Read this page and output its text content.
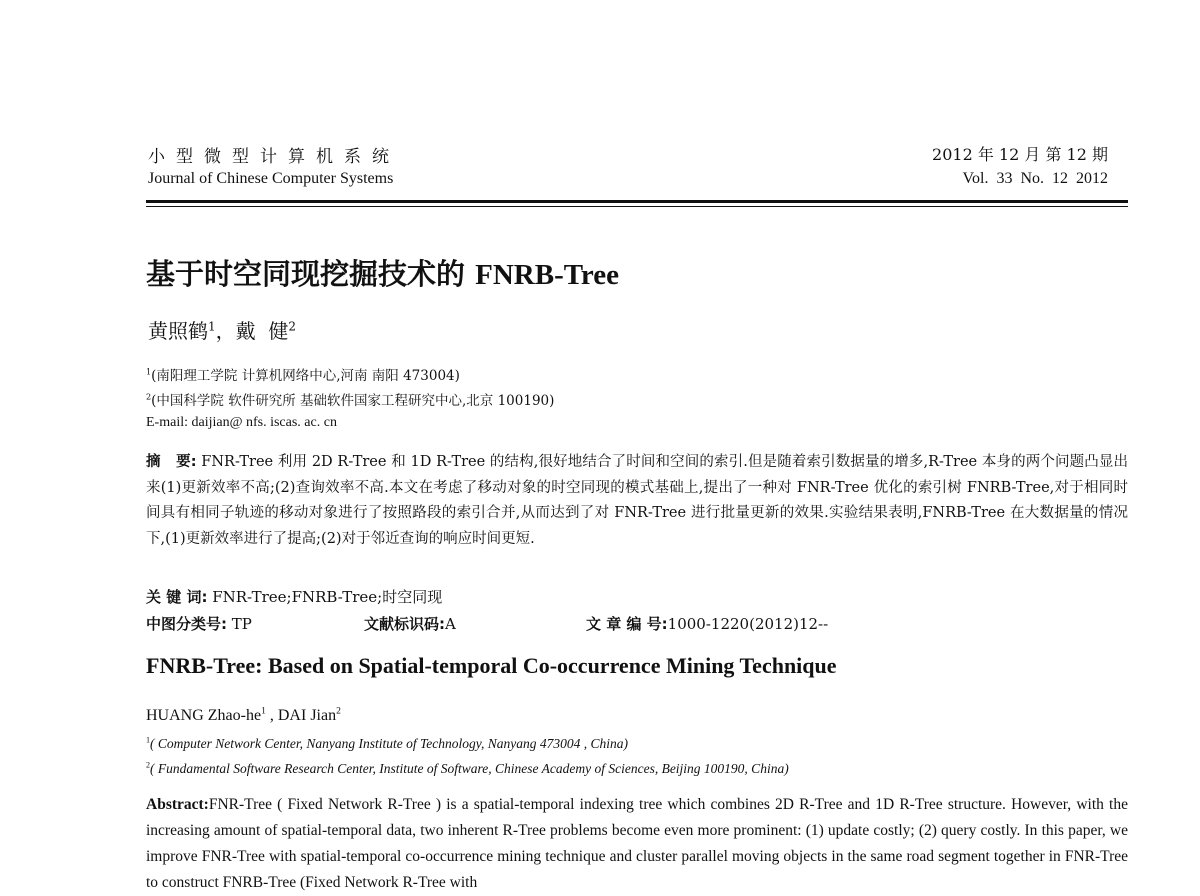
小型微型计算机系统
Journal of Chinese Computer Systems
2012 年 12 月 第 12 期
Vol. 33 No. 12 2012
基于时空同现挖掘技术的 FNRB-Tree
黄照鹤$^1$，戴  健$^2$
$^1$(南阳理工学院 计算机网络中心,河南 南阳 473004)
$^2$(中国科学院 软件研究所 基础软件国家工程研究中心,北京 100190)
E-mail: daijian@ nfs. iscas. ac. cn
摘   要: FNR-Tree 利用 2D R-Tree 和 1D R-Tree 的结构,很好地结合了时间和空间的索引.但是随着索引数据量的增多,R-Tree 本身的两个问题凸显出来(1)更新效率不高;(2)查询效率不高.本文在考虑了移动对象的时空同现的模式基础上,提出了一种对 FNR-Tree 优化的索引树 FNRB-Tree,对于相同时间具有相同子轨迹的移动对象进行了按照路段的索引合并,从而达到了对 FNR-Tree 进行批量更新的效果.实验结果表明,FNRB-Tree 在大数据量的情况下,(1)更新效率进行了提高;(2)对于邻近查询的响应时间更短.
关 键 词: FNR-Tree;FNRB-Tree;时空同现
中图分类号: TP	文献标识码:A	文 章 编 号:1000-1220(2012)12--
FNRB-Tree: Based on Spatial-temporal Co-occurrence Mining Technique
HUANG Zhao-$he^1$ , DAI Jian$^2$
$^1$( Computer Network Center, Nanyang Institute of Technology, Nanyang 473004 , China)
$^2$( Fundamental Software Research Center, Institute of Software, Chinese Academy of Sciences, Beijing 100190, China)
Abstract:FNR-Tree ( Fixed Network R-Tree ) is a spatial-temporal indexing tree which combines 2D R-Tree and 1D R-Tree structure. However, with the increasing amount of spatial-temporal data, two inherent R-Tree problems become even more prominent: (1) update costly; (2) query costly. In this paper, we improve FNR-Tree with spatial-temporal co-occurrence mining technique and cluster parallel moving objects in the same road segment together in FNR-Tree to construct FNRB-Tree (Fixed Network R-Tree with
